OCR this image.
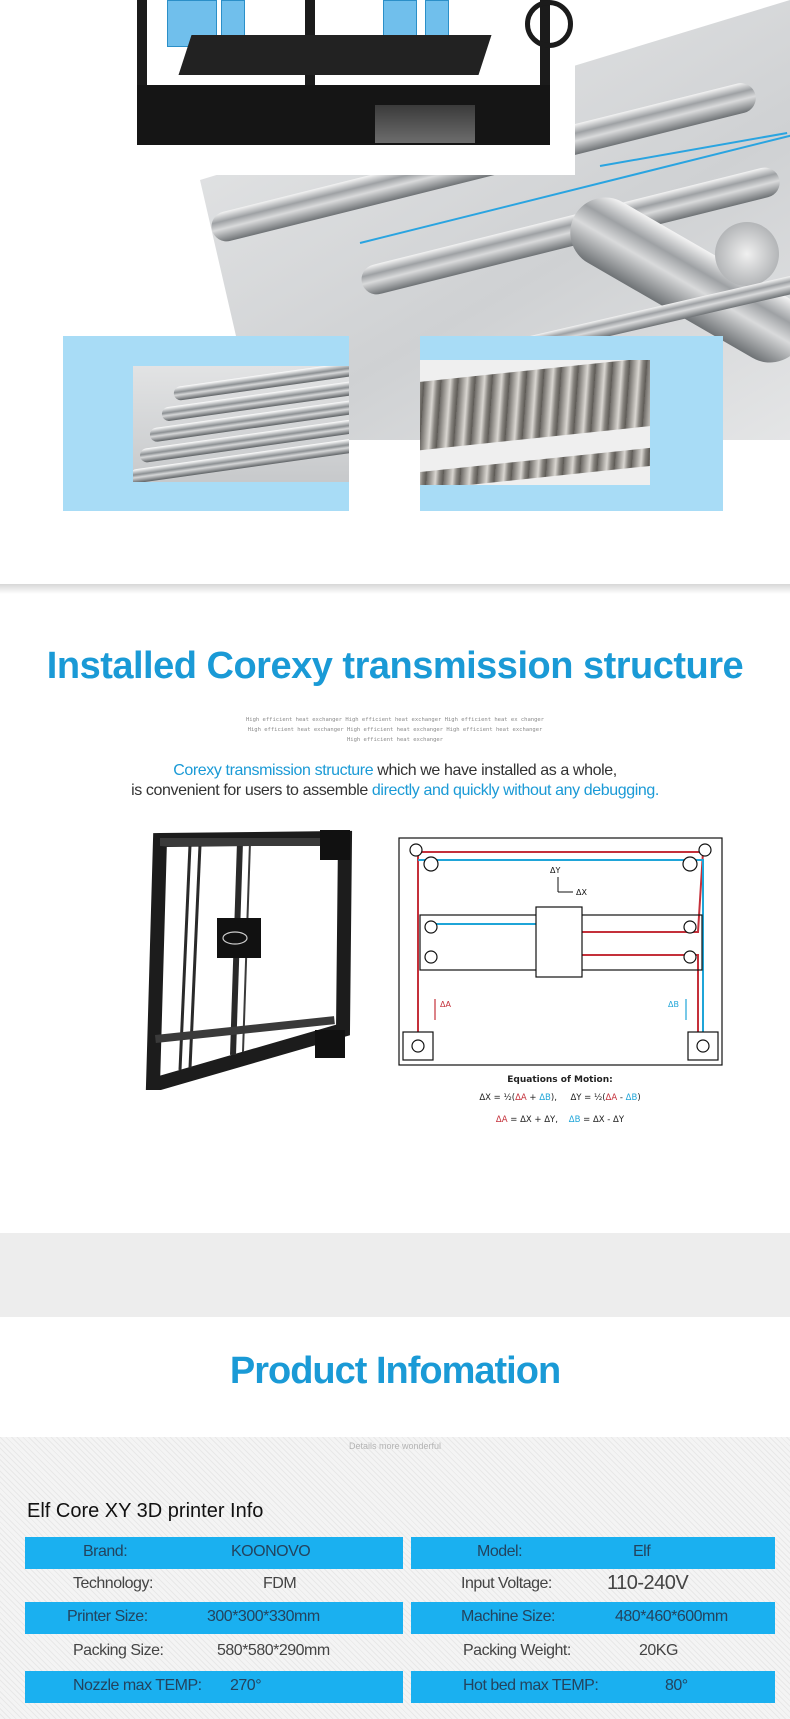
Installed Corexy transmission structure
High efficient heat exchanger High efficient heat exchanger High efficient heat ex changer High efficient heat exchanger High efficient heat exchanger High efficient heat exchanger High efficient heat exchanger
Corexy transmission structure which we have installed as a whole,
is convenient for users to assemble directly and quickly without any debugging.
ΔY
ΔX
ΔA	ΔB
Equations of Motion:
ΔX = ½(ΔA + ΔB), ΔY = ½(ΔA - ΔB)
ΔA = ΔX + ΔY, ΔB = ΔX - ΔY
Product Infomation
Details more wonderful
Elf Core XY 3D printer Info
Brand:	KOONOVO	Model:	Elf
Technology:	FDM	Input Voltage:	110-240V
Printer Size:	300*300*330mm	Machine Size:	480*460*600mm
Packing Size:	580*580*290mm	Packing Weight:	20KG
Nozzle max TEMP: 270°	Hot bed max TEMP:	80°
